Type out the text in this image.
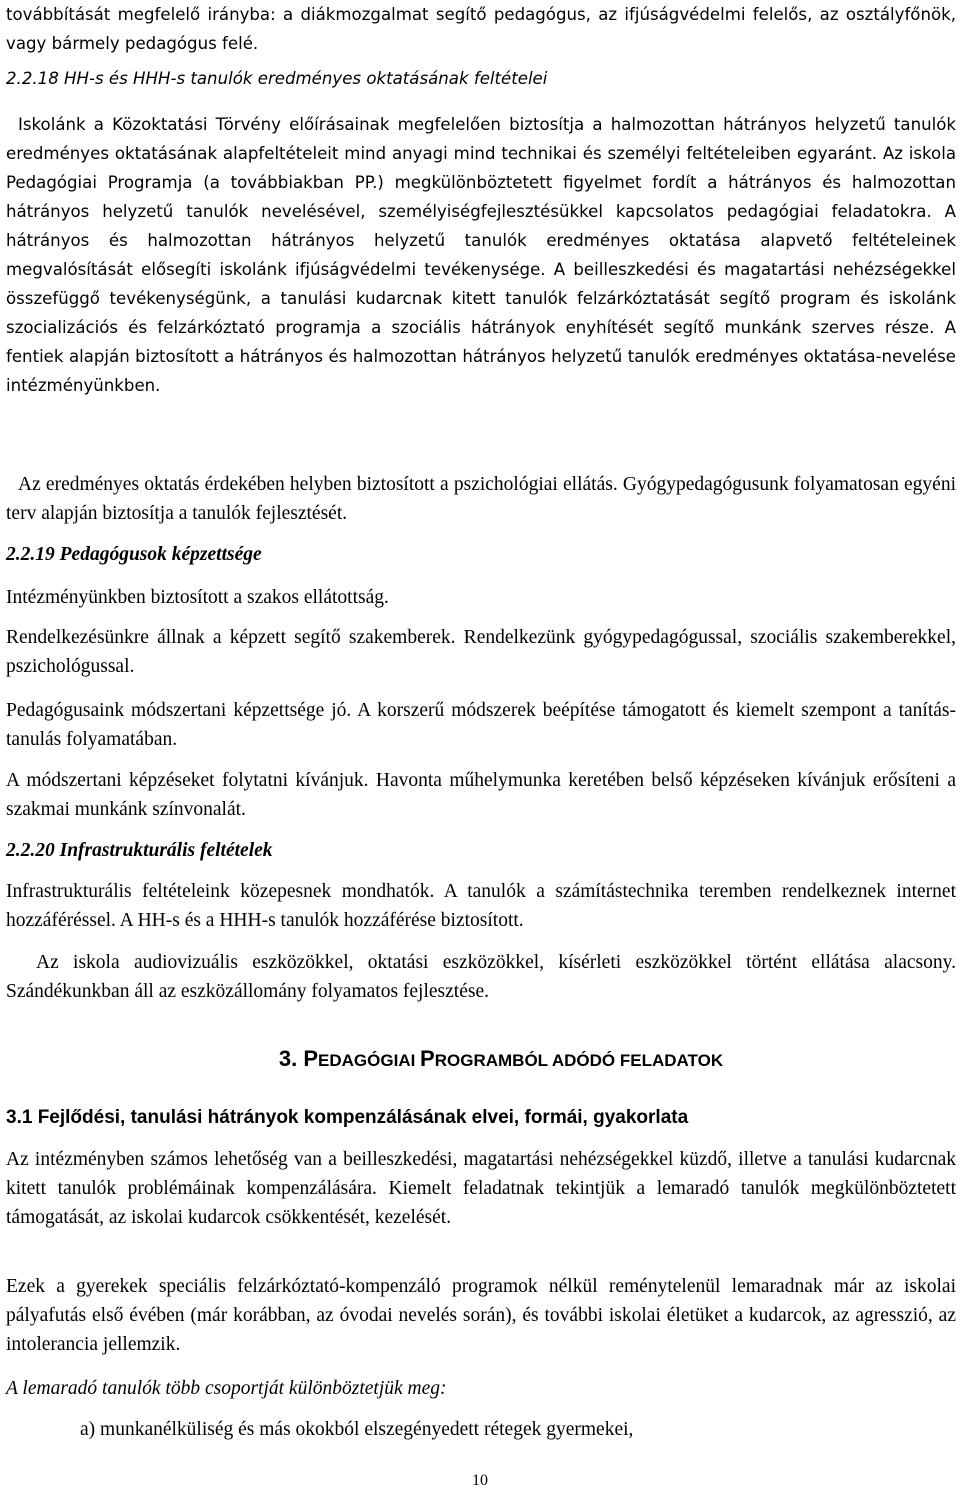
továbbítását megfelelő irányba: a diákmozgalmat segítő pedagógus, az ifjúságvédelmi felelős, az osztályfőnök, vagy bármely pedagógus felé.

2.2.18 HH-s és HHH-s tanulók eredményes oktatásának feltételei

Iskolánk a Közoktatási Törvény előírásainak megfelelően biztosítja a halmozottan hátrányos helyzetű tanulók eredményes oktatásának alapfeltételeit mind anyagi mind technikai és személyi feltételeiben egyaránt. Az iskola Pedagógiai Programja (a továbbiakban PP.) megkülönböztetett figyelmet fordít a hátrányos és halmozottan hátrányos helyzetű tanulók nevelésével, személyiségfejlesztésükkel kapcsolatos pedagógiai feladatokra. A hátrányos és halmozottan hátrányos helyzetű tanulók eredményes oktatása alapvető feltételeinek megvalósítását elősegíti iskolánk ifjúságvédelmi tevékenysége. A beilleszkedési és magatartási nehézségekkel összefüggő tevékenységünk, a tanulási kudarcnak kitett tanulók felzárkóztatását segítő program és iskolánk szocializációs és felzárkóztató programja a szociális hátrányok enyhítését segítő munkánk szerves része. A fentiek alapján biztosított a hátrányos és halmozottan hátrányos helyzetű tanulók eredményes oktatása-nevelése intézményünkben.

Az eredményes oktatás érdekében helyben biztosított a pszichológiai ellátás. Gyógypedagógusunk folyamatosan egyéni terv alapján biztosítja a tanulók fejlesztését.

2.2.19 Pedagógusok képzettsége

Intézményünkben biztosított a szakos ellátottság.

Rendelkezésünkre állnak a képzett segítő szakemberek. Rendelkezünk gyógypedagógussal, szociális szakemberekkel, pszichológussal.

Pedagógusaink módszertani képzettsége jó. A korszerű módszerek beépítése támogatott és kiemelt szempont a tanítás-tanulás folyamatában.

A módszertani képzéseket folytatni kívánjuk. Havonta műhelymunka keretében belső képzéseken kívánjuk erősíteni a szakmai munkánk színvonalát.

2.2.20 Infrastrukturális feltételek

Infrastrukturális feltételeink közepesnek mondhatók. A tanulók a számítástechnika teremben rendelkeznek internet hozzáféréssel. A HH-s és a HHH-s tanulók hozzáférése biztosított.

Az iskola audiovizuális eszközökkel, oktatási eszközökkel, kísérleti eszközökkel történt ellátása alacsony. Szándékunkban áll az eszközállomány folyamatos fejlesztése.

3. PEDAGÓGIAI PROGRAMBÓL ADÓDÓ FELADATOK

3.1 Fejlődési, tanulási hátrányok kompenzálásának elvei, formái, gyakorlata

Az intézményben számos lehetőség van a beilleszkedési, magatartási nehézségekkel küzdő, illetve a tanulási kudarcnak kitett tanulók problémáinak kompenzálására. Kiemelt feladatnak tekintjük a lemaradó tanulók megkülönböztetett támogatását, az iskolai kudarcok csökkentését, kezelését.

Ezek a gyerekek speciális felzárkóztató-kompenzáló programok nélkül reménytelenül lemaradnak már az iskolai pályafutás első évében (már korábban, az óvodai nevelés során), és további iskolai életüket a kudarcok, az agresszió, az intolerancia jellemzik.

A lemaradó tanulók több csoportját különböztetjük meg:

a) munkanélküliség és más okokból elszegényedett rétegek gyermekei,

10
